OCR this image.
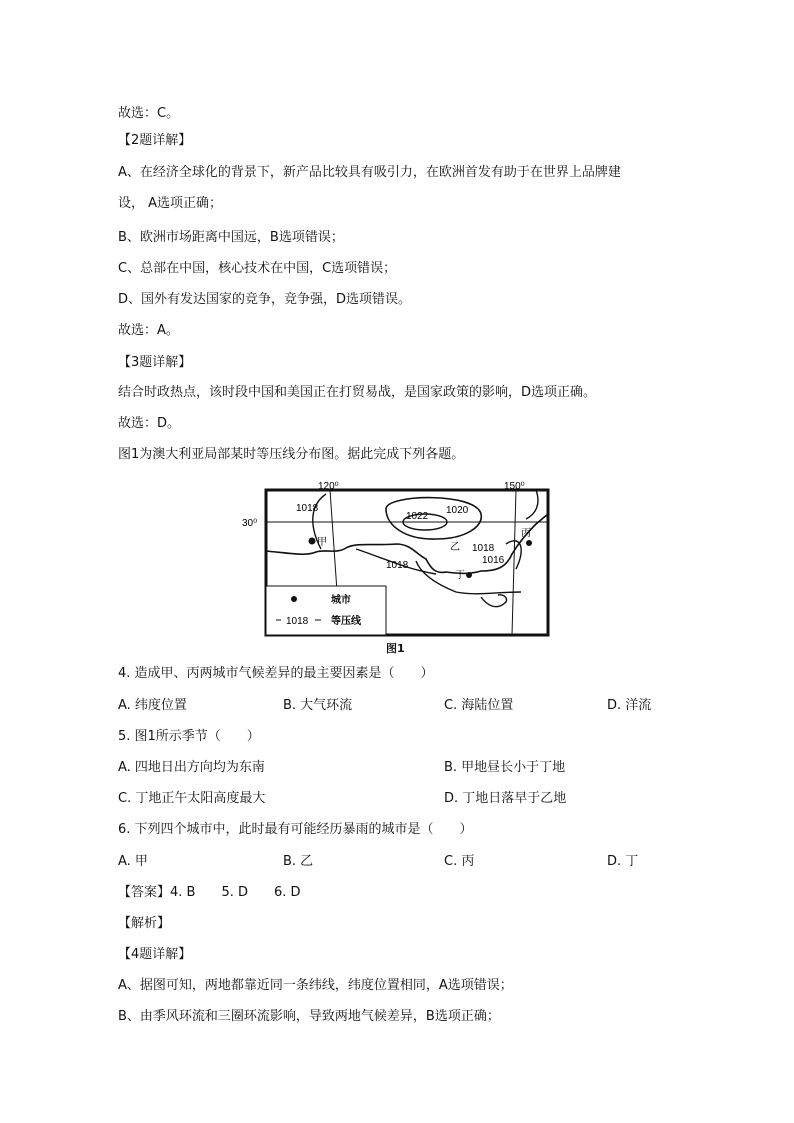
故选：C。
【2题详解】
A、在经济全球化的背景下，新产品比较具有吸引力，在欧洲首发有助于在世界上品牌建
设， A选项正确；
B、欧洲市场距离中国远，B选项错误；
C、总部在中国，核心技术在中国，C选项错误；
D、国外有发达国家的竞争，竞争强，D选项错误。
故选：A。
【3题详解】
结合时政热点，该时段中国和美国正在打贸易战，是国家政策的影响，D选项正确。
故选：D。
图1为澳大利亚局部某时等压线分布图。据此完成下列各题。
120⁰	150⁰
30⁰
1018	1020
1022
1018
1018
1016
甲	乙
丙
丁
城市
1018 等压线
图1
4. 造成甲、丙两城市气候差异的最主要因素是（　　）
A. 纬度位置	B. 大气环流	C. 海陆位置	D. 洋流
5. 图1所示季节（　　）
A. 四地日出方向均为东南	B. 甲地昼长小于丁地
C. 丁地正午太阳高度最大	D. 丁地日落早于乙地
6. 下列四个城市中，此时最有可能经历暴雨的城市是（　　）
A. 甲	B. 乙	C. 丙	D. 丁
【答案】4. B　　5. D　　6. D
【解析】
【4题详解】
A、据图可知，两地都靠近同一条纬线，纬度位置相同，A选项错误；
B、由季风环流和三圈环流影响，导致两地气候差异，B选项正确；
